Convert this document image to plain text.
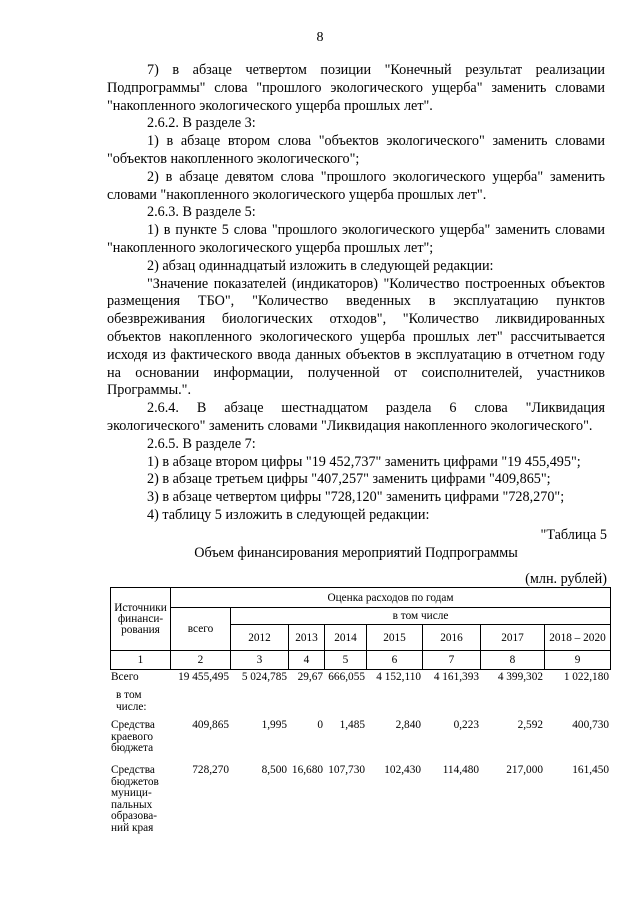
8

7) в абзаце четвертом позиции "Конечный результат реализации Подпрограммы" слова "прошлого экологического ущерба" заменить словами "накопленного экологического ущерба прошлых лет".

2.6.2. В разделе 3:

1) в абзаце втором слова "объектов экологического" заменить словами "объектов накопленного экологического";

2) в абзаце девятом слова "прошлого экологического ущерба" заменить словами "накопленного экологического ущерба прошлых лет".

2.6.3. В разделе 5:

1) в пункте 5 слова "прошлого экологического ущерба" заменить словами "накопленного экологического ущерба прошлых лет";

2) абзац одиннадцатый изложить в следующей редакции:

"Значение показателей (индикаторов) "Количество построенных объектов размещения ТБО", "Количество введенных в эксплуатацию пунктов обезвреживания биологических отходов", "Количество ликвидированных объектов накопленного экологического ущерба прошлых лет" рассчитывается исходя из фактического ввода данных объектов в эксплуатацию в отчетном году на основании информации, полученной от соисполнителей, участников Программы.".

2.6.4. В абзаце шестнадцатом раздела 6 слова "Ликвидация экологического" заменить словами "Ликвидация накопленного экологического".

2.6.5. В разделе 7:

1) в абзаце втором цифры "19 452,737" заменить цифрами "19 455,495";

2) в абзаце третьем цифры "407,257" заменить цифрами "409,865";

3) в абзаце четвертом цифры "728,120" заменить цифрами "728,270";

4) таблицу 5 изложить в следующей редакции:

"Таблица 5
Объем финансирования мероприятий Подпрограммы
(млн. рублей)
Источники финанси- рования	Оценка расходов по годам							
	всего	в том числе						
		2012	2013	2014	2015	2016	2017	2018 – 2020
1	2	3	4	5	6	7	8	9
Всего	19 455,495	5 024,785	29,67	666,055	4 152,110	4 161,393	4 399,302	1 022,180
в том числе:								
Средства краевого бюджета	409,865	1,995	0	1,485	2,840	0,223	2,592	400,730
Средства бюджетов муници- пальных образова- ний края	728,270	8,500	16,680	107,730	102,430	114,480	217,000	161,450
